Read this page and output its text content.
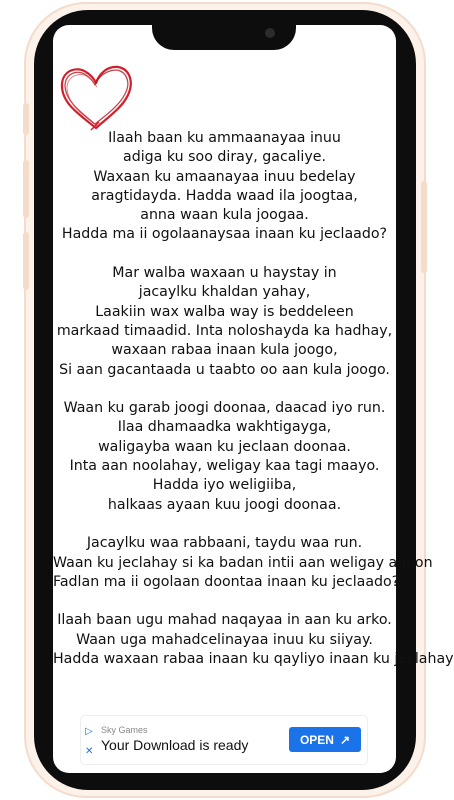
Ilaah baan ku ammaanayaa inuu
adiga ku soo diray, gacaliye.
Waxaan ku amaanayaa inuu bedelay
aragtidayda. Hadda waad ila joogtaa,
anna waan kula joogaa.
Hadda ma ii ogolaanaysaa inaan ku jeclaado?
Mar walba waxaan u haystay in
jacaylku khaldan yahay,
Laakiin wax walba way is beddeleen
markaad timaadid. Inta noloshayda ka hadhay,
waxaan rabaa inaan kula joogo,
Si aan gacantaada u taabto oo aan kula joogo.
Waan ku garab joogi doonaa, daacad iyo run.
Ilaa dhamaadka wakhtigayga,
waligayba waan ku jeclaan doonaa.
Inta aan noolahay, weligay kaa tagi maayo.
Hadda iyo weligiiba,
halkaas ayaan kuu joogi doonaa.
Jacaylku waa rabbaani, taydu waa run.
Waan ku jeclahay si ka badan intii aan weligay aqoon
Fadlan ma ii ogolaan doontaa inaan ku jeclaado?
Ilaah baan ugu mahad naqayaa in aan ku arko.
Waan uga mahadcelinayaa inuu ku siiyay.
Hadda waxaan rabaa inaan ku qayliyo inaan ku jeclahay
▷
✕
Sky Games
Your Download is ready	OPEN ↗
